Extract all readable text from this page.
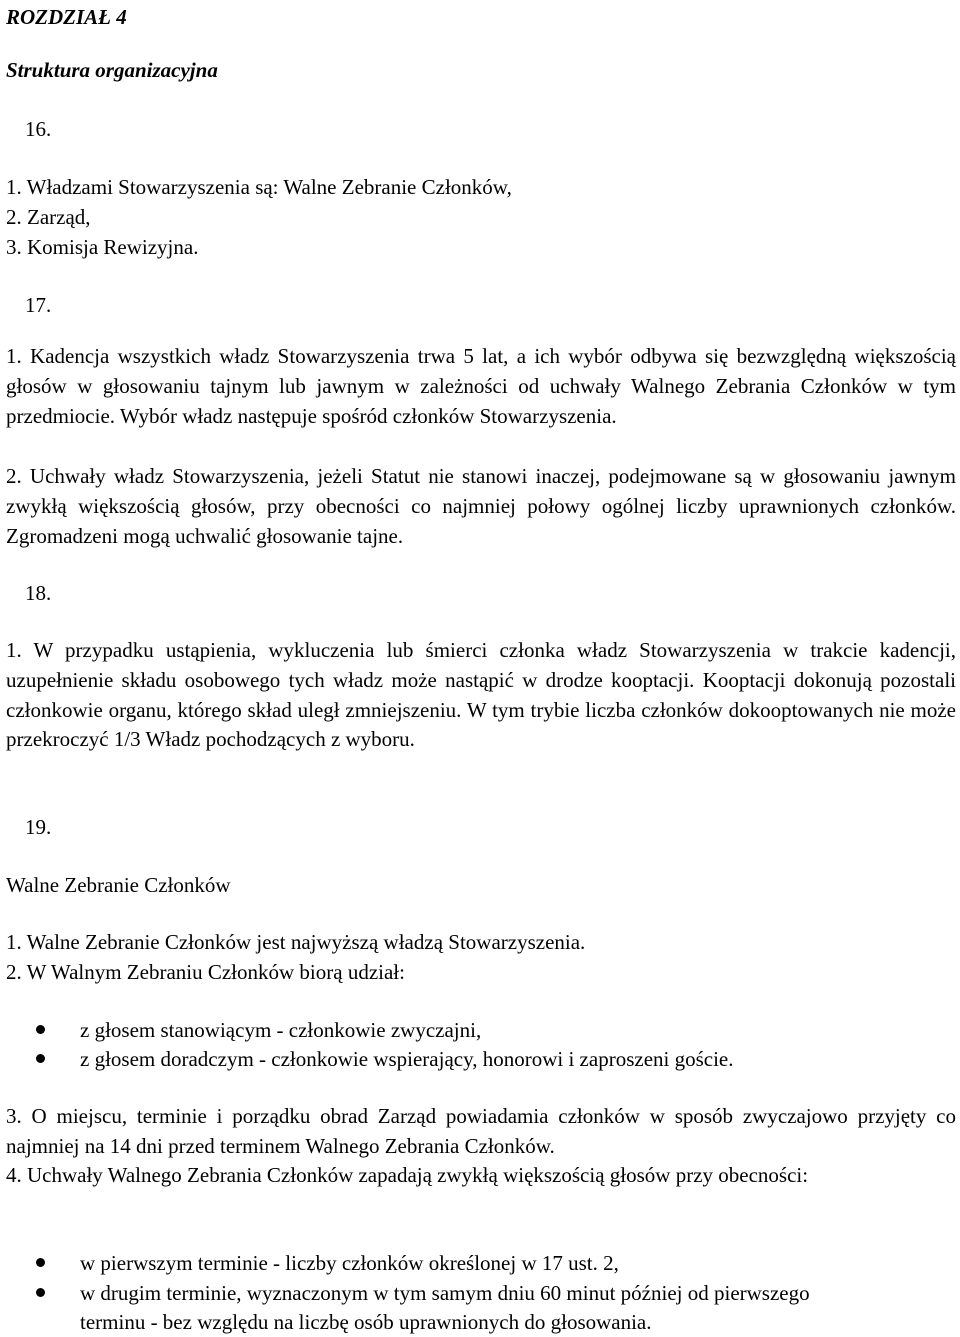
ROZDZIAŁ 4
Struktura organizacyjna
16.
1. Władzami Stowarzyszenia są: Walne Zebranie Członków,
2. Zarząd,
3. Komisja Rewizyjna.
17.
1. Kadencja wszystkich władz Stowarzyszenia trwa 5 lat, a ich wybór odbywa się bezwzględną większością głosów w głosowaniu tajnym lub jawnym w zależności od uchwały Walnego Zebrania Członków w tym przedmiocie. Wybór władz następuje spośród członków Stowarzyszenia.
2. Uchwały władz Stowarzyszenia, jeżeli Statut nie stanowi inaczej, podejmowane są w głosowaniu jawnym zwykłą większością głosów, przy obecności co najmniej połowy ogólnej liczby uprawnionych członków. Zgromadzeni mogą uchwalić głosowanie tajne.
18.
1. W przypadku ustąpienia, wykluczenia lub śmierci członka władz Stowarzyszenia w trakcie kadencji, uzupełnienie składu osobowego tych władz może nastąpić w drodze kooptacji. Kooptacji dokonują pozostali członkowie organu, którego skład uległ zmniejszeniu. W tym trybie liczba członków dokooptowanych nie może przekroczyć 1/3 Władz pochodzących z wyboru.
19.
Walne Zebranie Członków
1. Walne Zebranie Członków jest najwyższą władzą Stowarzyszenia.
2. W Walnym Zebraniu Członków biorą udział:
z głosem stanowiącym - członkowie zwyczajni,
z głosem doradczym - członkowie wspierający, honorowi i zaproszeni goście.
3. O miejscu, terminie i porządku obrad Zarząd powiadamia członków w sposób zwyczajowo przyjęty co najmniej na 14 dni przed terminem Walnego Zebrania Członków.
4. Uchwały Walnego Zebrania Członków zapadają zwykłą większością głosów przy obecności:
w pierwszym terminie - liczby członków określonej w 17 ust. 2,
w drugim terminie, wyznaczonym w tym samym dniu 60 minut później od pierwszego
terminu - bez względu na liczbę osób uprawnionych do głosowania.
